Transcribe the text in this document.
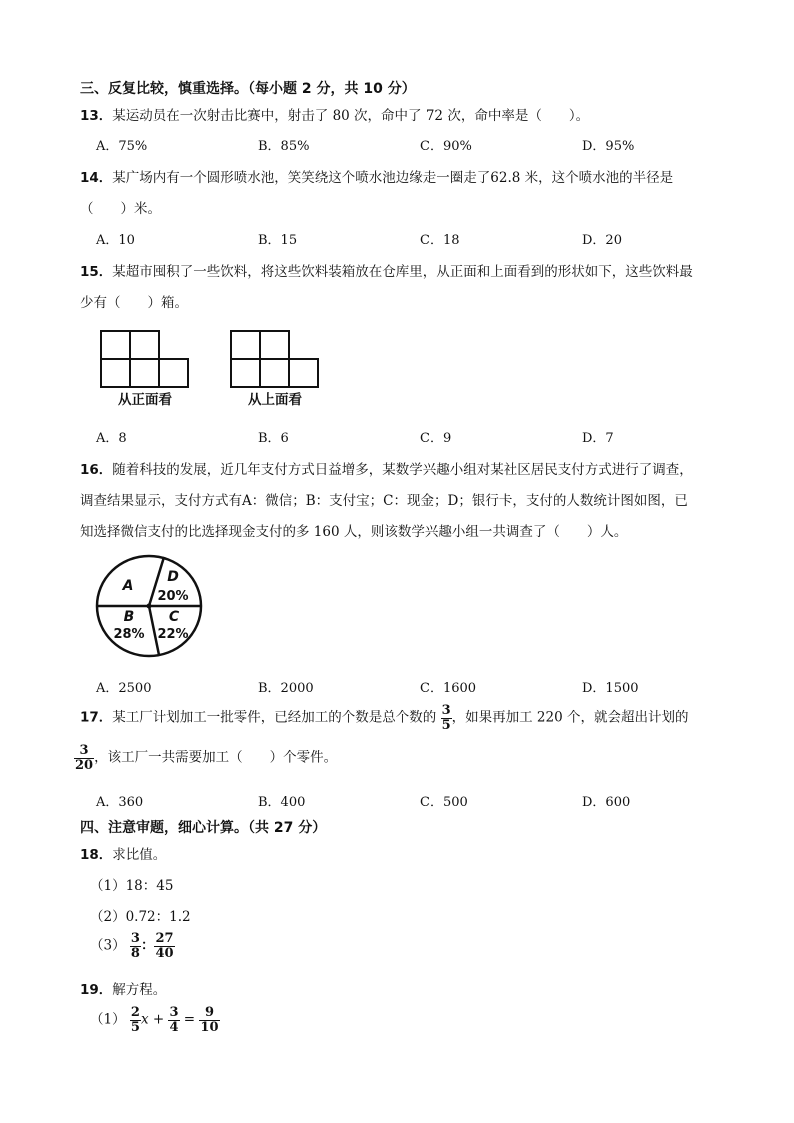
三、反复比较，慎重选择。（每小题 2 分，共 10 分）
13．某运动员在一次射击比赛中，射击了 80 次，命中了 72 次，命中率是（　　）。
A．75%	B．85%	C．90%	D．95%
14．某广场内有一个圆形喷水池，笑笑绕这个喷水池边缘走一圈走了62.8 米，这个喷水池的半径是
（　　）米。
A．10	B．15	C．18	D．20
15．某超市囤积了一些饮料，将这些饮料装箱放在仓库里，从正面和上面看到的形状如下，这些饮料最
少有（　　）箱。
从正面看	从上面看
A．8	B．6	C．9	D．7
16．随着科技的发展，近几年支付方式日益增多，某数学兴趣小组对某社区居民支付方式进行了调查，
调查结果显示，支付方式有A：微信；B：支付宝；C：现金；D；银行卡，支付的人数统计图如图，已
知选择微信支付的比选择现金支付的多 160 人，则该数学兴趣小组一共调查了（　　）人。
A
D
B C
20%
28% 22%
A．2500	B．2000	C．1600	D．1500
17．某工厂计划加工一批零件，已经加工的个数是总个数的 $\frac{3}{5}$ ，如果再加工 220 个，就会超出计划的
$\frac{3}{20}$ ，该工厂一共需要加工（　　）个零件。
A．360	B．400	C．500	D．600
四、注意审题，细心计算。（共 27 分）
18．求比值。
（1）18：45
（2）0.72：1.2
$(3) \frac{3}{8}$ ： $\frac{27}{40}$
19．解方程。
$(1) \frac{2}{5}$ $x + \frac{3}{4} = \frac{9}{10}$
